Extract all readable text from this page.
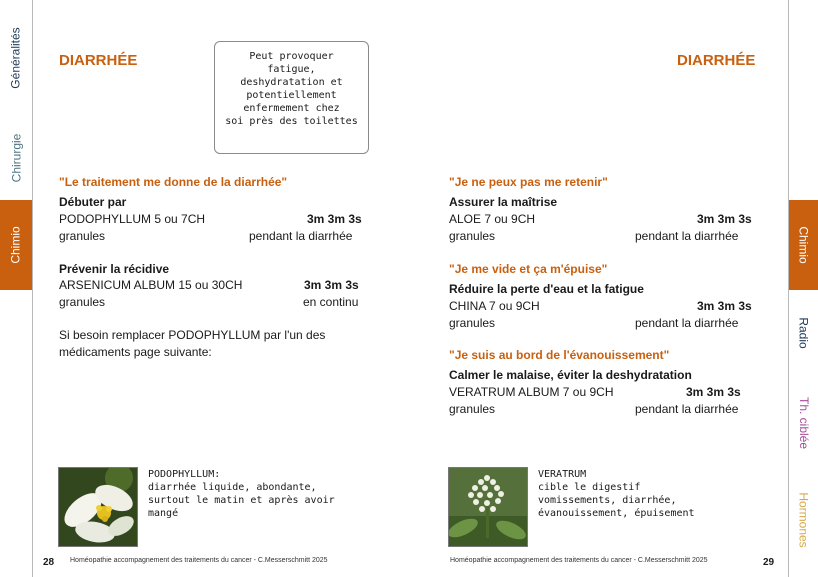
Généralités
Chirurgie
Chimio	Chimio
Radio
Th. ciblée
Hormones
DIARRHÉE	Peut provoquer
fatigue,
deshydratation et
potentiellement
enfermement chez
soi près des toilettes
"Le traitement me donne de la diarrhée"
Débuter par
PODOPHYLLUM 5 ou 7CH	3m 3m 3s
granules	pendant la diarrhée
Prévenir la récidive
ARSENICUM ALBUM 15 ou 30CH	3m 3m 3s
granules	en continu
Si besoin remplacer PODOPHYLLUM par l'un des
médicaments page suivante:
PODOPHYLLUM:
diarrhée liquide, abondante,
surtout le matin et après avoir
mangé
28 Homéopathie accompagnement des traitements du cancer - C.Messerschmitt 2025
DIARRHÉE
"Je ne peux pas me retenir"
Assurer la maîtrise
ALOE 7 ou 9CH	3m 3m 3s
granules	pendant la diarrhée
"Je me vide et ça m'épuise"
Réduire la perte d'eau et la fatigue
CHINA 7 ou 9CH	3m 3m 3s
granules	pendant la diarrhée
"Je suis au bord de l'évanouissement"
Calmer le malaise, éviter la deshydratation
VERATRUM ALBUM 7 ou 9CH	3m 3m 3s
granules	pendant la diarrhée
VERATRUM
cible le digestif
vomissements, diarrhée,
évanouissement, épuisement
Homéopathie accompagnement des traitements du cancer - C.Messerschmitt 2025	29
